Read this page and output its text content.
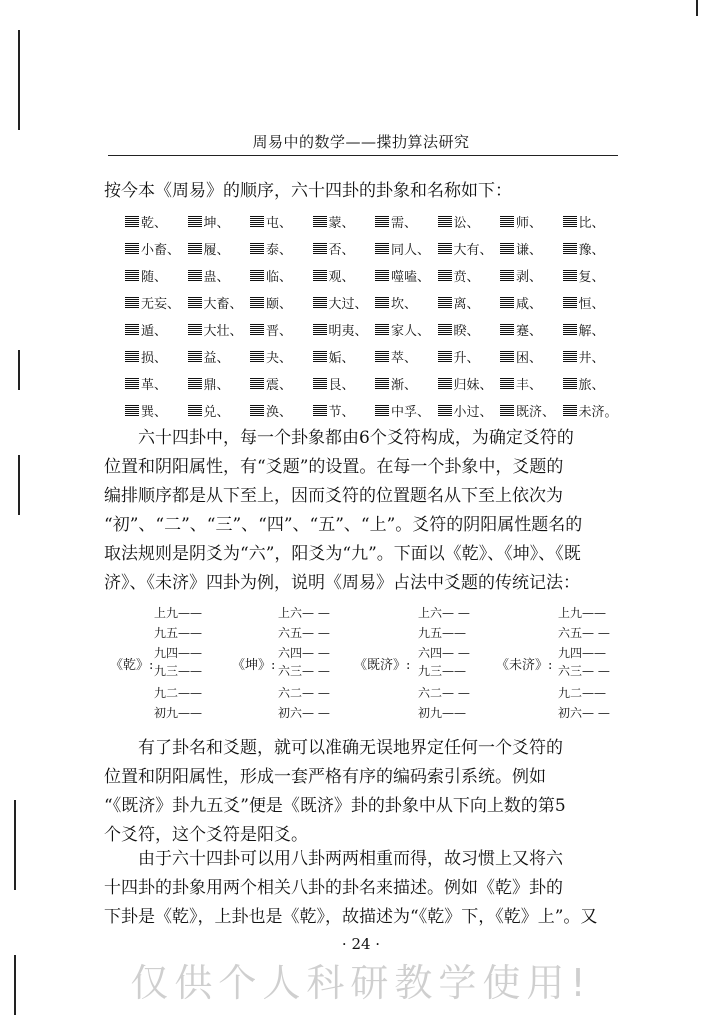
周易中的数学——揲扐算法研究
按今本《周易》的顺序，六十四卦的卦象和名称如下：
乾、	坤、	屯、	蒙、	需、	讼、	师、	比、
小畜、 履、	泰、	否、	同人、 大有、 谦、	豫、
随、	蛊、	临、	观、	噬嗑、 贲、	剥、	复、
无妄、 大畜、 颐、	大过、 坎、	离、	咸、	恒、
遁、	大壮、 晋、	明夷、 家人、 睽、	蹇、	解、
损、	益、	夬、	姤、	萃、	升、	困、	井、
革、	鼎、	震、	艮、	渐、	归妹、 丰、	旅、
巽、	兑、	涣、	节、	中孚、 小过、 既济、 未济。

六十四卦中，每一个卦象都由6个爻符构成，为确定爻符的

位置和阴阳属性，有“爻题”的设置。在每一个卦象中，爻题的

编排顺序都是从下至上，因而爻符的位置题名从下至上依次为

“初”、“二”、“三”、“四”、“五”、“上”。爻符的阴阳属性题名的

取法规则是阴爻为“六”，阳爻为“九”。下面以《乾》、《坤》、《既

济》、《未济》四卦为例，说明《周易》占法中爻题的传统记法：

《乾》:
上九——
九五——
九四——
九三——
九二——
初九——
《坤》:
上六— —
六五— —
六四— —
六三— —
六二— —
初六— —
《既济》:
上六— —
九五——
六四— —
九三——
六二— —
初九——
《未济》:
上九——
六五— —
九四——
六三— —
九二——
初六— —

有了卦名和爻题，就可以准确无误地界定任何一个爻符的

位置和阴阳属性，形成一套严格有序的编码索引系统。例如

“《既济》卦九五爻”便是《既济》卦的卦象中从下向上数的第5

个爻符，这个爻符是阳爻。

由于六十四卦可以用八卦两两相重而得，故习惯上又将六

十四卦的卦象用两个相关八卦的卦名来描述。例如《乾》卦的

下卦是《乾》，上卦也是《乾》，故描述为“《乾》下，《乾》上”。又

· 24 ·
仅供个人科研教学使用!
